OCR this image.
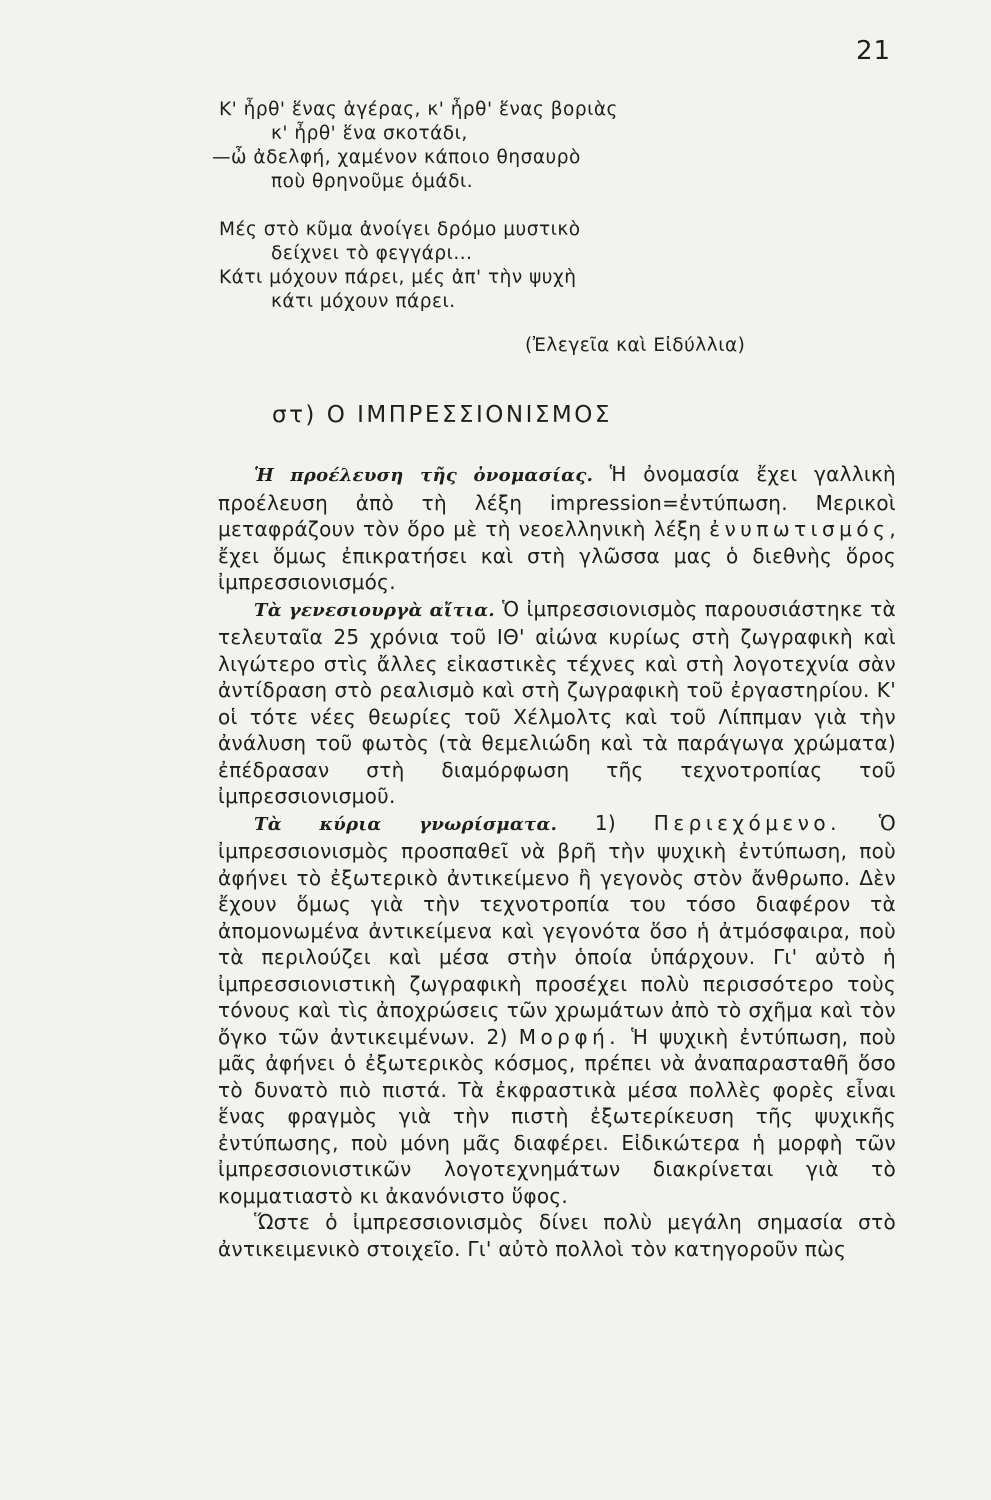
21
Κ' ἦρθ' ἕνας ἀγέρας, κ' ἦρθ' ἕνας βοριὰς
κ' ἦρθ' ἕνα σκοτάδι,
—ὦ ἀδελφή, χαμένον κάποιο θησαυρὸ
ποὺ θρηνοῦμε ὁμάδι.
Μές στὸ κῦμα ἀνοίγει δρόμο μυστικὸ
δείχνει τὸ φεγγάρι...
Κάτι μόχουν πάρει, μές ἀπ' τὴν ψυχὴ
κάτι μόχουν πάρει.
(Ἐλεγεῖα καὶ Εἰδύλλια)
στ) Ο ΙΜΠΡΕΣΣΙΟΝΙΣΜΟΣ

Ἡ προέλευση τῆς ὀνομασίας. Ἡ ὀνομασία ἔχει γαλλικὴ προέλευση ἀπὸ τὴ λέξη impression=ἐντύπωση. Μερικοὶ μεταφράζουν τὸν ὅρο μὲ τὴ νεοελληνικὴ λέξη ἐνυπωτισμός, ἔχει ὅμως ἐπικρατήσει καὶ στὴ γλῶσσα μας ὁ διεθνὴς ὅρος ἰμπρεσσιονισμός.

Τὰ γενεσιουργὰ αἴτια. Ὁ ἰμπρεσσιονισμὸς παρουσιάστηκε τὰ τελευταῖα 25 χρόνια τοῦ ΙΘ' αἰώνα κυρίως στὴ ζωγραφικὴ καὶ λιγώτερο στὶς ἄλλες εἰκαστικὲς τέχνες καὶ στὴ λογοτεχνία σὰν ἀντίδραση στὸ ρεαλισμὸ καὶ στὴ ζωγραφικὴ τοῦ ἐργαστηρίου. Κ' οἱ τότε νέες θεωρίες τοῦ Χέλμολτς καὶ τοῦ Λίππμαν γιὰ τὴν ἀνάλυση τοῦ φωτὸς (τὰ θεμελιώδη καὶ τὰ παράγωγα χρώματα) ἐπέδρασαν στὴ διαμόρφωση τῆς τεχνοτροπίας τοῦ ἰμπρεσσιονισμοῦ.

Τὰ κύρια γνωρίσματα. 1) Περιεχόμενο. Ὁ ἰμπρεσσιονισμὸς προσπαθεῖ νὰ βρῆ τὴν ψυχικὴ ἐντύπωση, ποὺ ἀφήνει τὸ ἐξωτερικὸ ἀντικείμενο ἢ γεγονὸς στὸν ἄνθρωπο. Δὲν ἔχουν ὅμως γιὰ τὴν τεχνοτροπία του τόσο διαφέρον τὰ ἀπομονωμένα ἀντικείμενα καὶ γεγονότα ὅσο ἡ ἀτμόσφαιρα, ποὺ τὰ περιλούζει καὶ μέσα στὴν ὁποία ὑπάρχουν. Γι' αὐτὸ ἡ ἰμπρεσσιονιστικὴ ζωγραφικὴ προσέχει πολὺ περισσότερο τοὺς τόνους καὶ τὶς ἀποχρώσεις τῶν χρωμάτων ἀπὸ τὸ σχῆμα καὶ τὸν ὄγκο τῶν ἀντικειμένων. 2) Μορφή. Ἡ ψυχικὴ ἐντύπωση, ποὺ μᾶς ἀφήνει ὁ ἐξωτερικὸς κόσμος, πρέπει νὰ ἀναπαρασταθῆ ὅσο τὸ δυνατὸ πιὸ πιστά. Τὰ ἐκφραστικὰ μέσα πολλὲς φορὲς εἶναι ἕνας φραγμὸς γιὰ τὴν πιστὴ ἐξωτερίκευση τῆς ψυχικῆς ἐντύπωσης, ποὺ μόνη μᾶς διαφέρει. Εἰδικώτερα ἡ μορφὴ τῶν ἰμπρεσσιονιστικῶν λογοτεχνημάτων διακρίνεται γιὰ τὸ κομματιαστὸ κι ἀκανόνιστο ὕφος.

Ὥστε ὁ ἰμπρεσσιονισμὸς δίνει πολὺ μεγάλη σημασία στὸ ἀντικειμενικὸ στοιχεῖο. Γι' αὐτὸ πολλοὶ τὸν κατηγοροῦν πὼς
